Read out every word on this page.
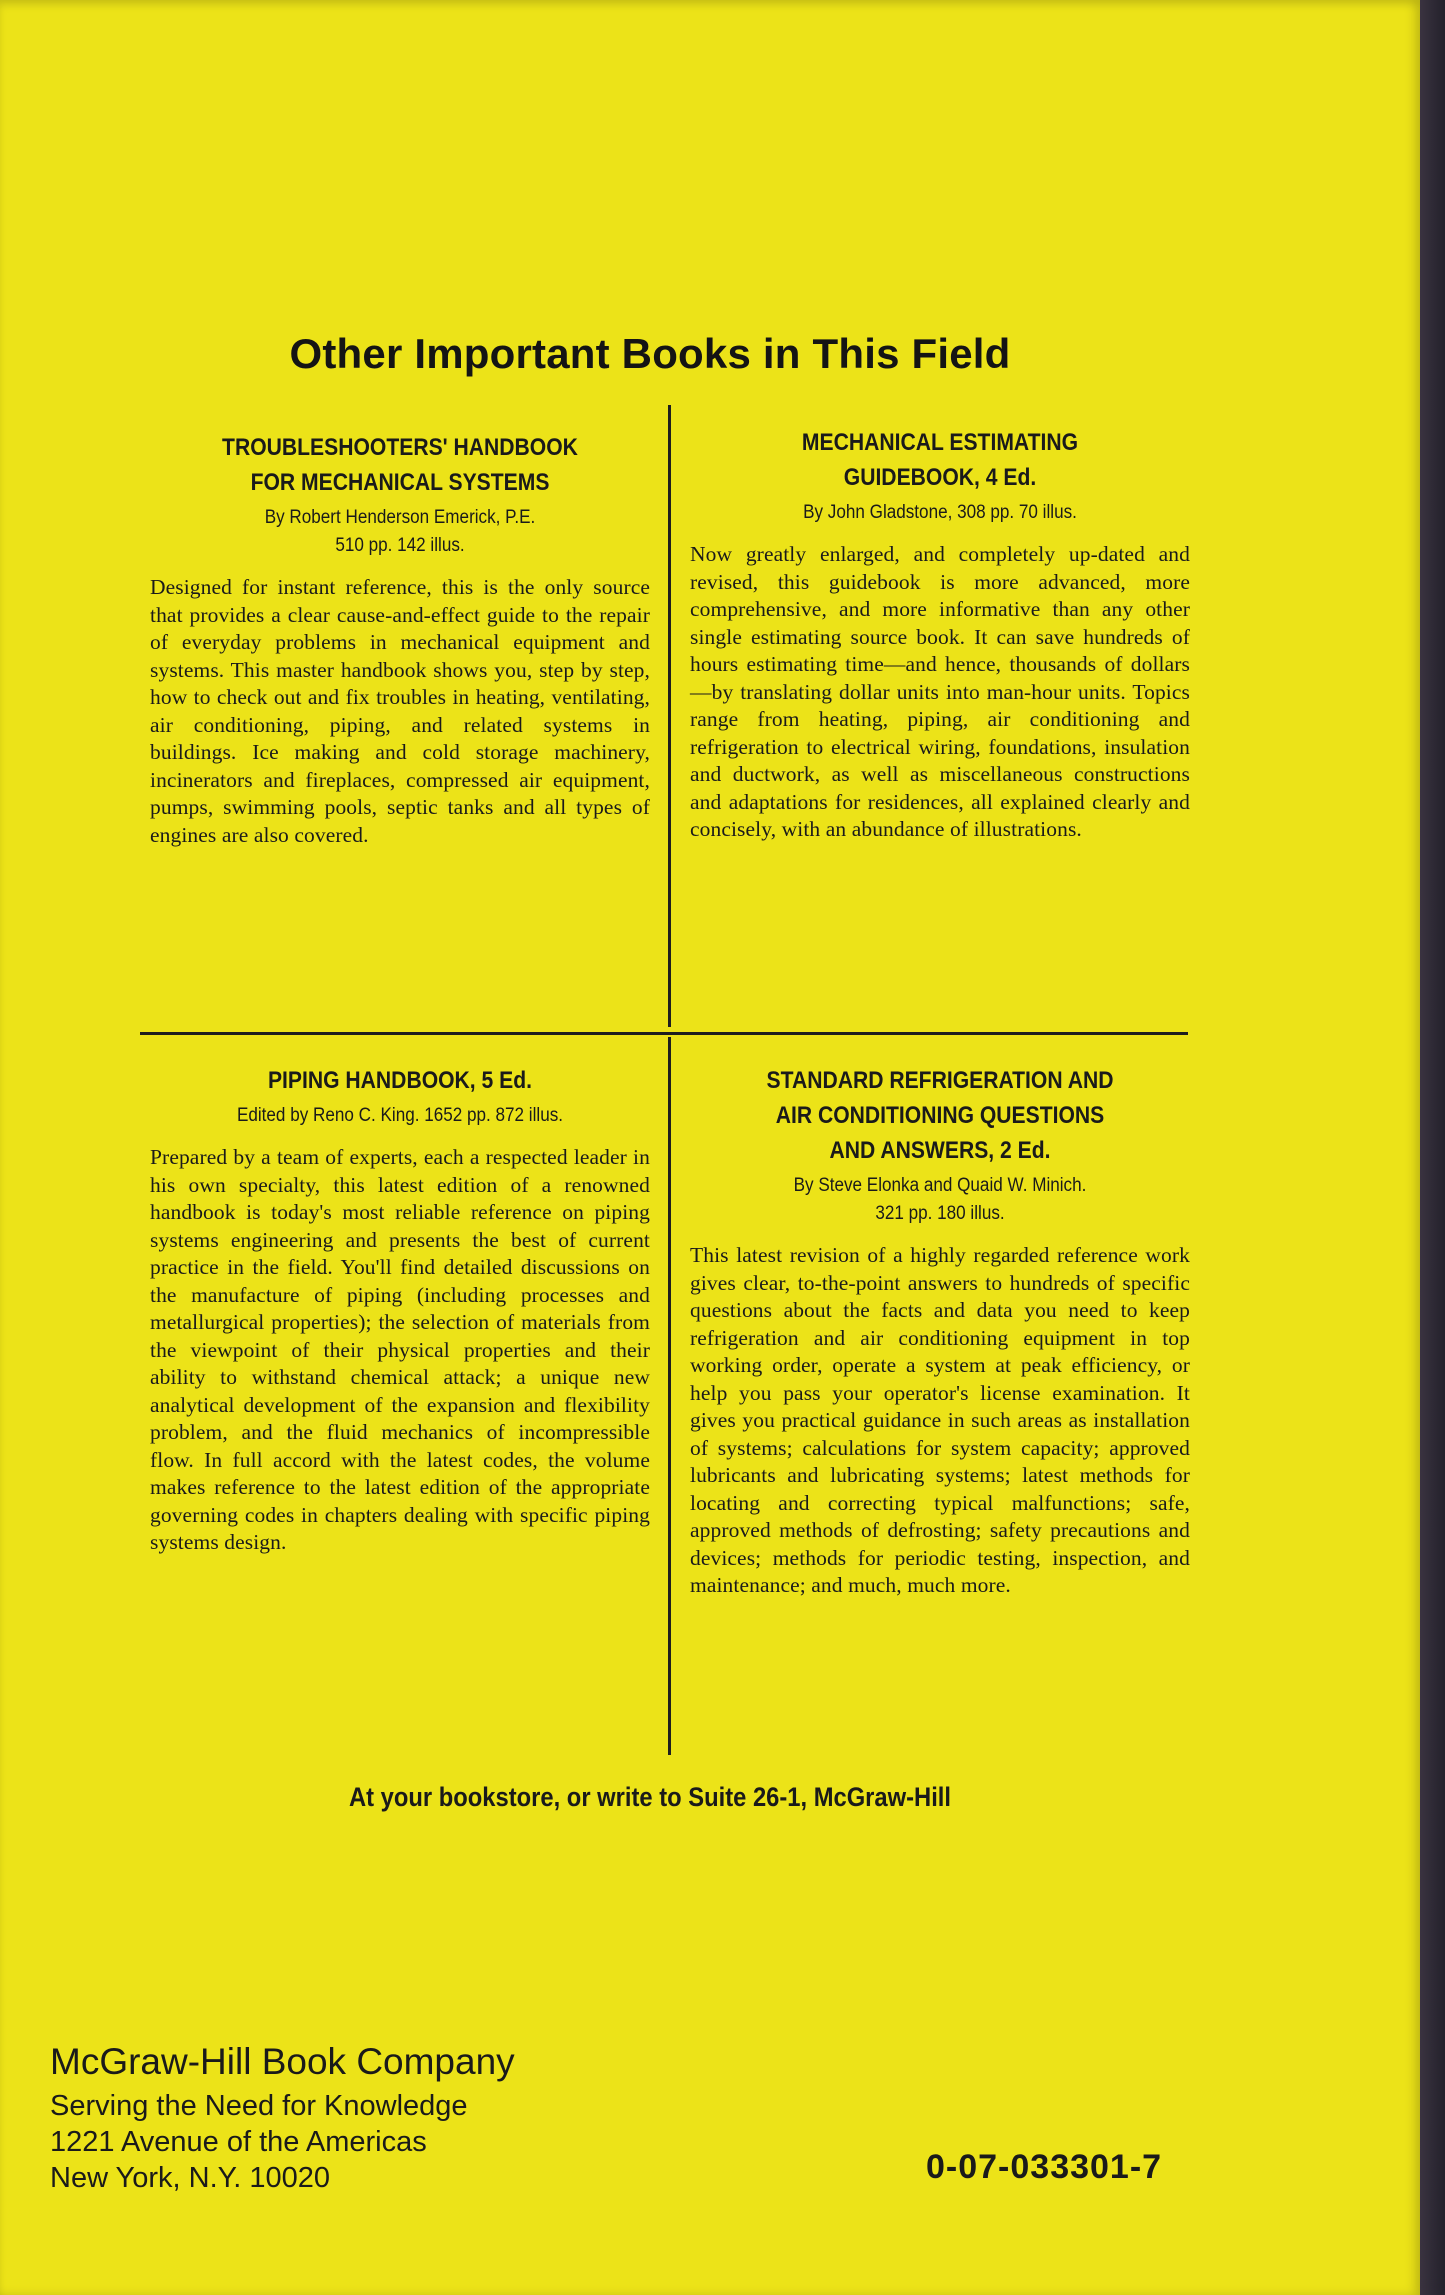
Other Important Books in This Field

TROUBLESHOOTERS' HANDBOOK
FOR MECHANICAL SYSTEMS

By Robert Henderson Emerick, P.E.
510 pp. 142 illus.

Designed for instant reference, this is the only source that provides a clear cause-and-effect guide to the repair of everyday problems in mechanical equipment and systems. This master handbook shows you, step by step, how to check out and fix troubles in heating, ventilating, air conditioning, piping, and related systems in buildings. Ice making and cold storage machinery, incinerators and fireplaces, compressed air equipment, pumps, swimming pools, septic tanks and all types of engines are also covered.

MECHANICAL ESTIMATING
GUIDEBOOK, 4 Ed.

By John Gladstone, 308 pp. 70 illus.

Now greatly enlarged, and completely up-dated and revised, this guidebook is more advanced, more comprehensive, and more informative than any other single estimating source book. It can save hundreds of hours estimating time—and hence, thousands of dollars—by translating dollar units into man-hour units. Topics range from heating, piping, air conditioning and refrigeration to electrical wiring, foundations, insulation and ductwork, as well as miscellaneous constructions and adaptations for residences, all explained clearly and concisely, with an abundance of illustrations.

PIPING HANDBOOK, 5 Ed.

Edited by Reno C. King. 1652 pp. 872 illus.

Prepared by a team of experts, each a respected leader in his own specialty, this latest edition of a renowned handbook is today's most reliable reference on piping systems engineering and presents the best of current practice in the field. You'll find detailed discussions on the manufacture of piping (including processes and metallurgical properties); the selection of materials from the viewpoint of their physical properties and their ability to withstand chemical attack; a unique new analytical development of the expansion and flexibility problem, and the fluid mechanics of incompressible flow. In full accord with the latest codes, the volume makes reference to the latest edition of the appropriate governing codes in chapters dealing with specific piping systems design.

STANDARD REFRIGERATION AND
AIR CONDITIONING QUESTIONS
AND ANSWERS, 2 Ed.

By Steve Elonka and Quaid W. Minich.
321 pp. 180 illus.

This latest revision of a highly regarded reference work gives clear, to-the-point answers to hundreds of specific questions about the facts and data you need to keep refrigeration and air conditioning equipment in top working order, operate a system at peak efficiency, or help you pass your operator's license examination. It gives you practical guidance in such areas as installation of systems; calculations for system capacity; approved lubricants and lubricating systems; latest methods for locating and correcting typical malfunctions; safe, approved methods of defrosting; safety precautions and devices; methods for periodic testing, inspection, and maintenance; and much, much more.

At your bookstore, or write to Suite 26-1, McGraw-Hill

McGraw-Hill Book Company

Serving the Need for Knowledge

1221 Avenue of the Americas

New York, N.Y. 10020	0-07-033301-7
